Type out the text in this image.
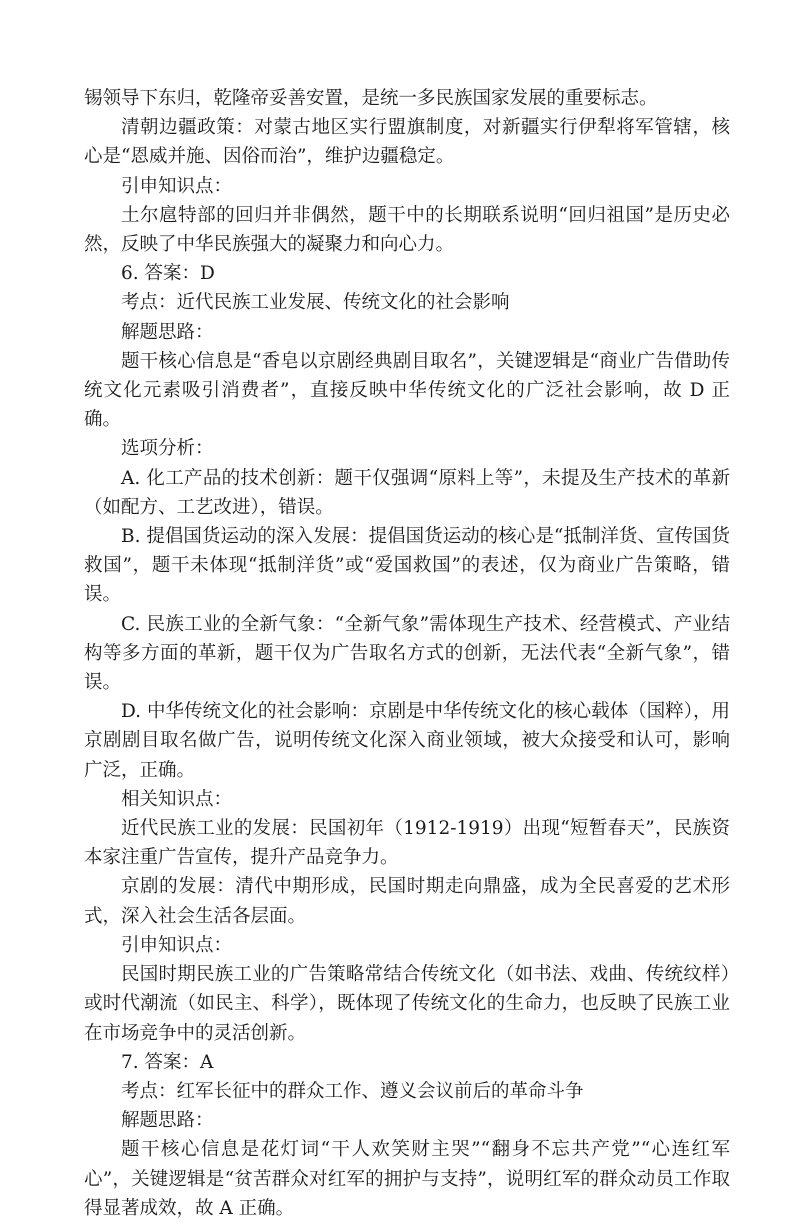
锡领导下东归，乾隆帝妥善安置，是统一多民族国家发展的重要标志。

清朝边疆政策：对蒙古地区实行盟旗制度，对新疆实行伊犁将军管辖，核心是“恩威并施、因俗而治”，维护边疆稳定。

引申知识点：

土尔扈特部的回归并非偶然，题干中的长期联系说明“回归祖国”是历史必然，反映了中华民族强大的凝聚力和向心力。

6. 答案：D

考点：近代民族工业发展、传统文化的社会影响

解题思路：

题干核心信息是“香皂以京剧经典剧目取名”，关键逻辑是“商业广告借助传统文化元素吸引消费者”，直接反映中华传统文化的广泛社会影响，故 D 正确。

选项分析：

A. 化工产品的技术创新：题干仅强调“原料上等”，未提及生产技术的革新（如配方、工艺改进），错误。

B. 提倡国货运动的深入发展：提倡国货运动的核心是“抵制洋货、宣传国货救国”，题干未体现“抵制洋货”或“爱国救国”的表述，仅为商业广告策略，错误。

C. 民族工业的全新气象：“全新气象”需体现生产技术、经营模式、产业结构等多方面的革新，题干仅为广告取名方式的创新，无法代表“全新气象”，错误。

D. 中华传统文化的社会影响：京剧是中华传统文化的核心载体（国粹），用京剧剧目取名做广告，说明传统文化深入商业领域，被大众接受和认可，影响广泛，正确。

相关知识点：

近代民族工业的发展：民国初年（1912-1919）出现“短暂春天”，民族资本家注重广告宣传，提升产品竞争力。

京剧的发展：清代中期形成，民国时期走向鼎盛，成为全民喜爱的艺术形式，深入社会生活各层面。

引申知识点：

民国时期民族工业的广告策略常结合传统文化（如书法、戏曲、传统纹样）或时代潮流（如民主、科学），既体现了传统文化的生命力，也反映了民族工业在市场竞争中的灵活创新。

7. 答案：A

考点：红军长征中的群众工作、遵义会议前后的革命斗争

解题思路：

题干核心信息是花灯词“干人欢笑财主哭”“翻身不忘共产党”“心连红军心”，关键逻辑是“贫苦群众对红军的拥护与支持”，说明红军的群众动员工作取得显著成效，故 A 正确。
